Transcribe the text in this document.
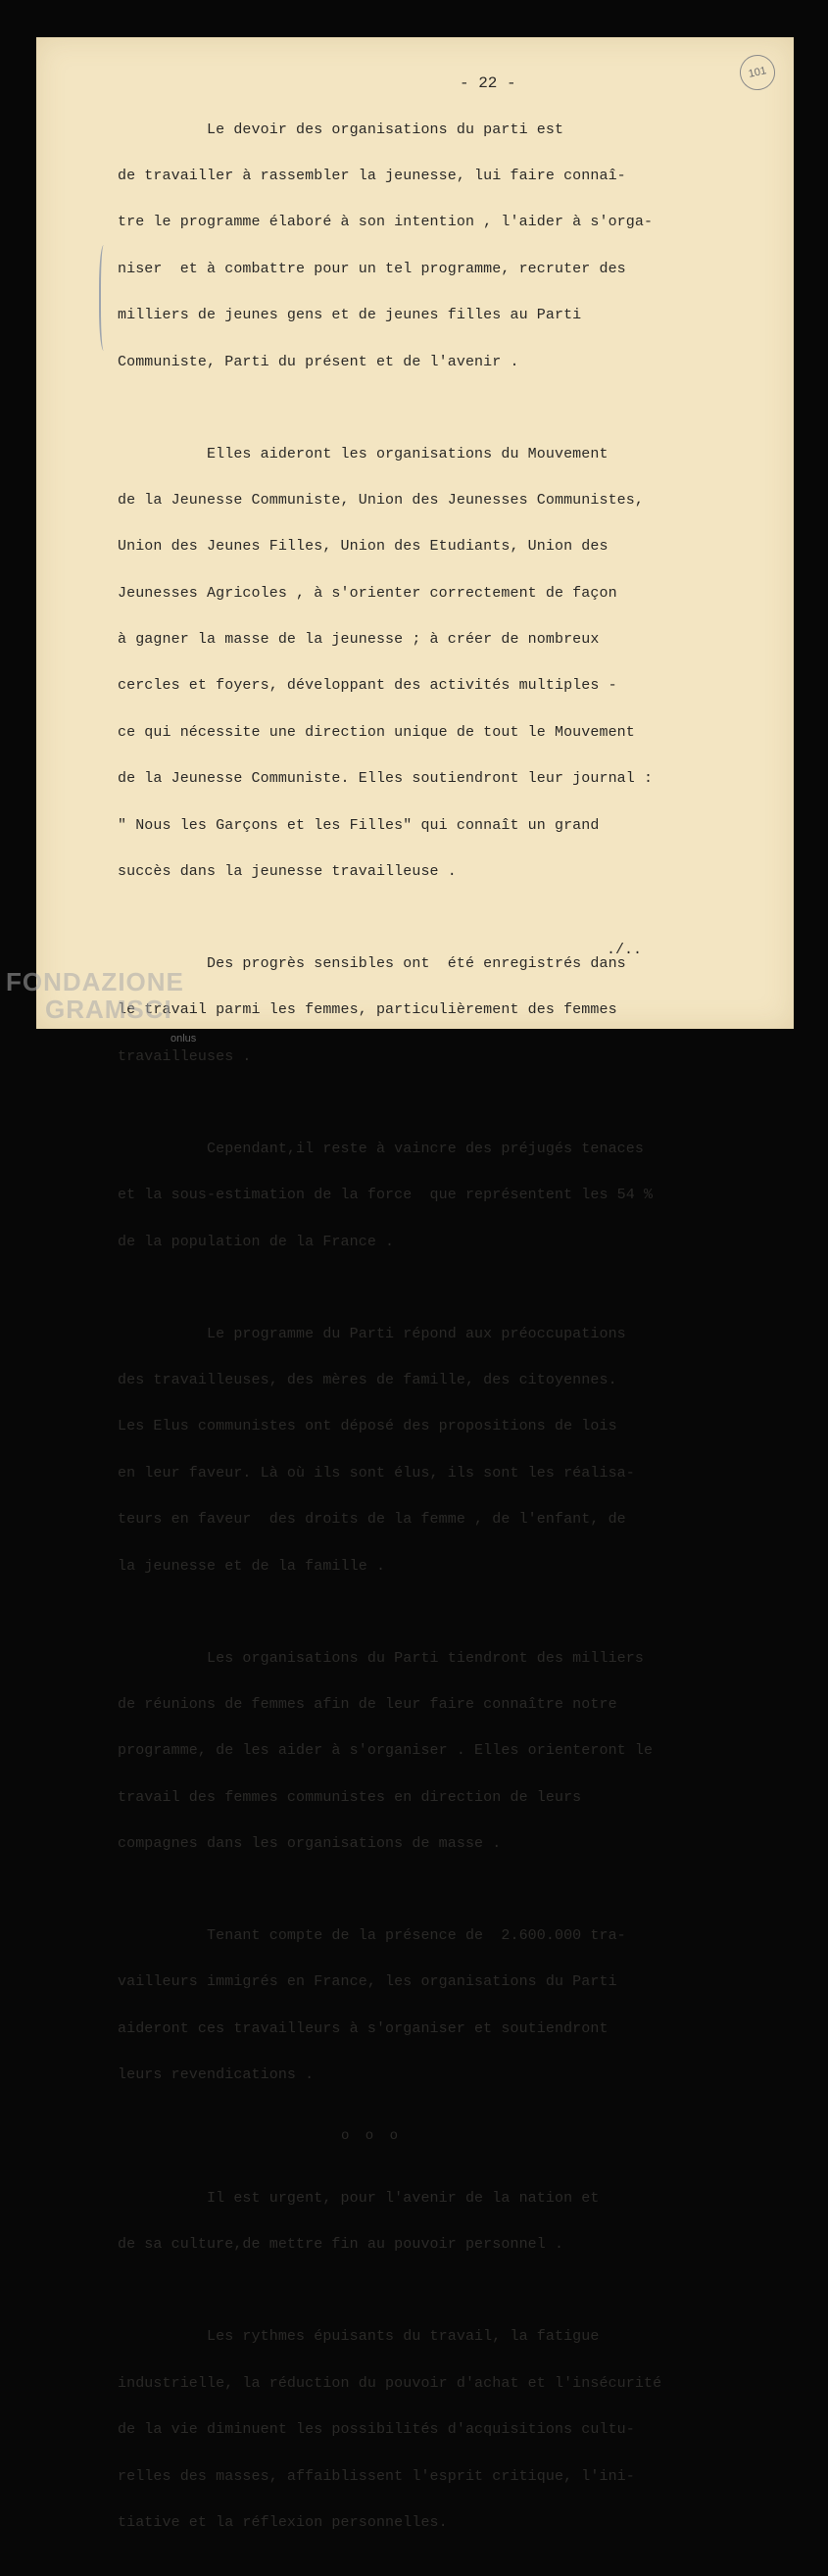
- 22 -
101

Le devoir des organisations du parti est

de travailler à rassembler la jeunesse, lui faire connaî-

tre le programme élaboré à son intention , l'aider à s'orga-

niser  et à combattre pour un tel programme, recruter des

milliers de jeunes gens et de jeunes filles au Parti

Communiste, Parti du présent et de l'avenir .

Elles aideront les organisations du Mouvement

de la Jeunesse Communiste, Union des Jeunesses Communistes,

Union des Jeunes Filles, Union des Etudiants, Union des

Jeunesses Agricoles , à s'orienter correctement de façon

à gagner la masse de la jeunesse ; à créer de nombreux

cercles et foyers, développant des activités multiples -

ce qui nécessite une direction unique de tout le Mouvement

de la Jeunesse Communiste. Elles soutiendront leur journal :

" Nous les Garçons et les Filles" qui connaît un grand

succès dans la jeunesse travailleuse .

Des progrès sensibles ont  été enregistrés dans

le travail parmi les femmes, particulièrement des femmes

travailleuses .

Cependant,il reste à vaincre des préjugés tenaces

et la sous-estimation de la force  que représentent les 54 %

de la population de la France .

Le programme du Parti répond aux préoccupations

des travailleuses, des mères de famille, des citoyennes.

Les Elus communistes ont déposé des propositions de lois

en leur faveur. Là où ils sont élus, ils sont les réalisa-

teurs en faveur  des droits de la femme , de l'enfant, de

la jeunesse et de la famille .

Les organisations du Parti tiendront des milliers

de réunions de femmes afin de leur faire connaître notre

programme, de les aider à s'organiser . Elles orienteront le

travail des femmes communistes en direction de leurs

compagnes dans les organisations de masse .

Tenant compte de la présence de  2.600.000 tra-

vailleurs immigrés en France, les organisations du Parti

aideront ces travailleurs à s'organiser et soutiendront

leurs revendications .

o o o

Il est urgent, pour l'avenir de la nation et

de sa culture,de mettre fin au pouvoir personnel .

Les rythmes épuisants du travail, la fatigue

industrielle, la réduction du pouvoir d'achat et l'insécurité

de la vie diminuent les possibilités d'acquisitions cultu-

relles des masses, affaiblissent l'esprit critique, l'ini-

tiative et la réflexion personnelles.

./..
FONDAZIONE
GRAMSCI
onlus
